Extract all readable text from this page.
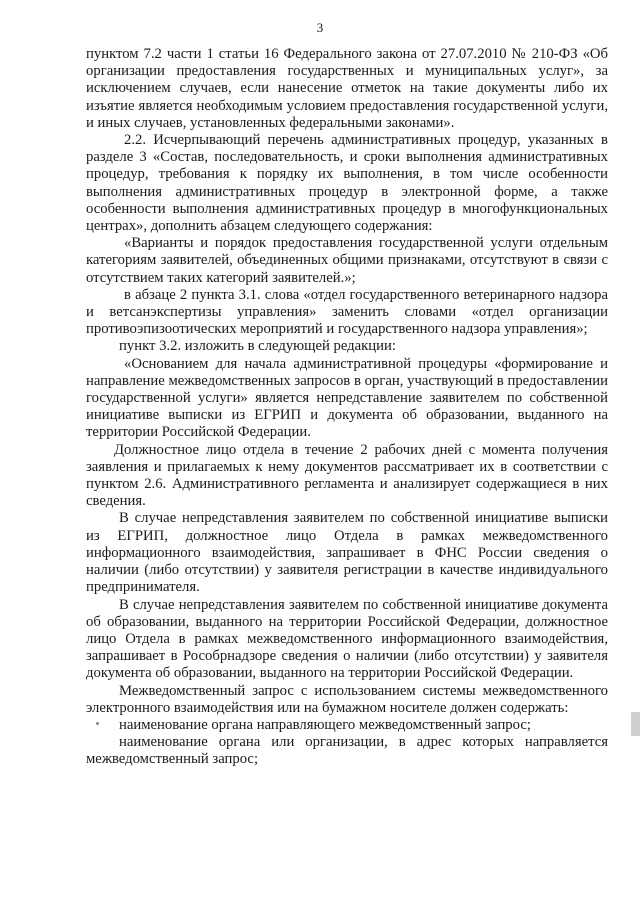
3

пунктом 7.2 части 1 статьи 16 Федерального закона от 27.07.2010 № 210-ФЗ «Об организации предоставления государственных и муниципальных услуг», за исключением случаев, если нанесение отметок на такие документы либо их изъятие является необходимым условием предоставления государственной услуги, и иных случаев, установленных федеральными законами».

2.2. Исчерпывающий перечень административных процедур, указанных в разделе 3 «Состав, последовательность, и сроки выполнения административных процедур, требования к порядку их выполнения, в том числе особенности выполнения административных процедур в электронной форме, а также особенности выполнения административных процедур в многофункциональных центрах», дополнить абзацем следующего содержания:

«Варианты и порядок предоставления государственной услуги отдельным категориям заявителей, объединенных общими признаками, отсутствуют в связи с отсутствием таких категорий заявителей.»;

в абзаце 2 пункта 3.1. слова «отдел государственного ветеринарного надзора и ветсанэкспертизы управления» заменить словами «отдел организации противоэпизоотических мероприятий и государственного надзора управления»;

пункт 3.2. изложить в следующей редакции:

«Основанием для начала административной процедуры «формирование и направление межведомственных запросов в орган, участвующий в предоставлении государственной услуги» является непредставление заявителем по собственной инициативе выписки из ЕГРИП и документа об образовании, выданного на территории Российской Федерации.

Должностное лицо отдела в течение 2 рабочих дней с момента получения заявления и прилагаемых к нему документов рассматривает их в соответствии с пунктом 2.6. Административного регламента и анализирует содержащиеся в них сведения.

В случае непредставления заявителем по собственной инициативе выписки из ЕГРИП, должностное лицо Отдела в рамках межведомственного информационного взаимодействия, запрашивает в ФНС России сведения о наличии (либо отсутствии) у заявителя регистрации в качестве индивидуального предпринимателя.

В случае непредставления заявителем по собственной инициативе документа об образовании, выданного на территории Российской Федерации, должностное лицо Отдела в рамках межведомственного информационного взаимодействия, запрашивает в Рособрнадзоре сведения о наличии (либо отсутствии) у заявителя документа об образовании, выданного на территории Российской Федерации.

Межведомственный запрос с использованием системы межведомственного электронного взаимодействия или на бумажном носителе должен содержать:

наименование органа направляющего межведомственный запрос;

наименование органа или организации, в адрес которых направляется межведомственный запрос;
